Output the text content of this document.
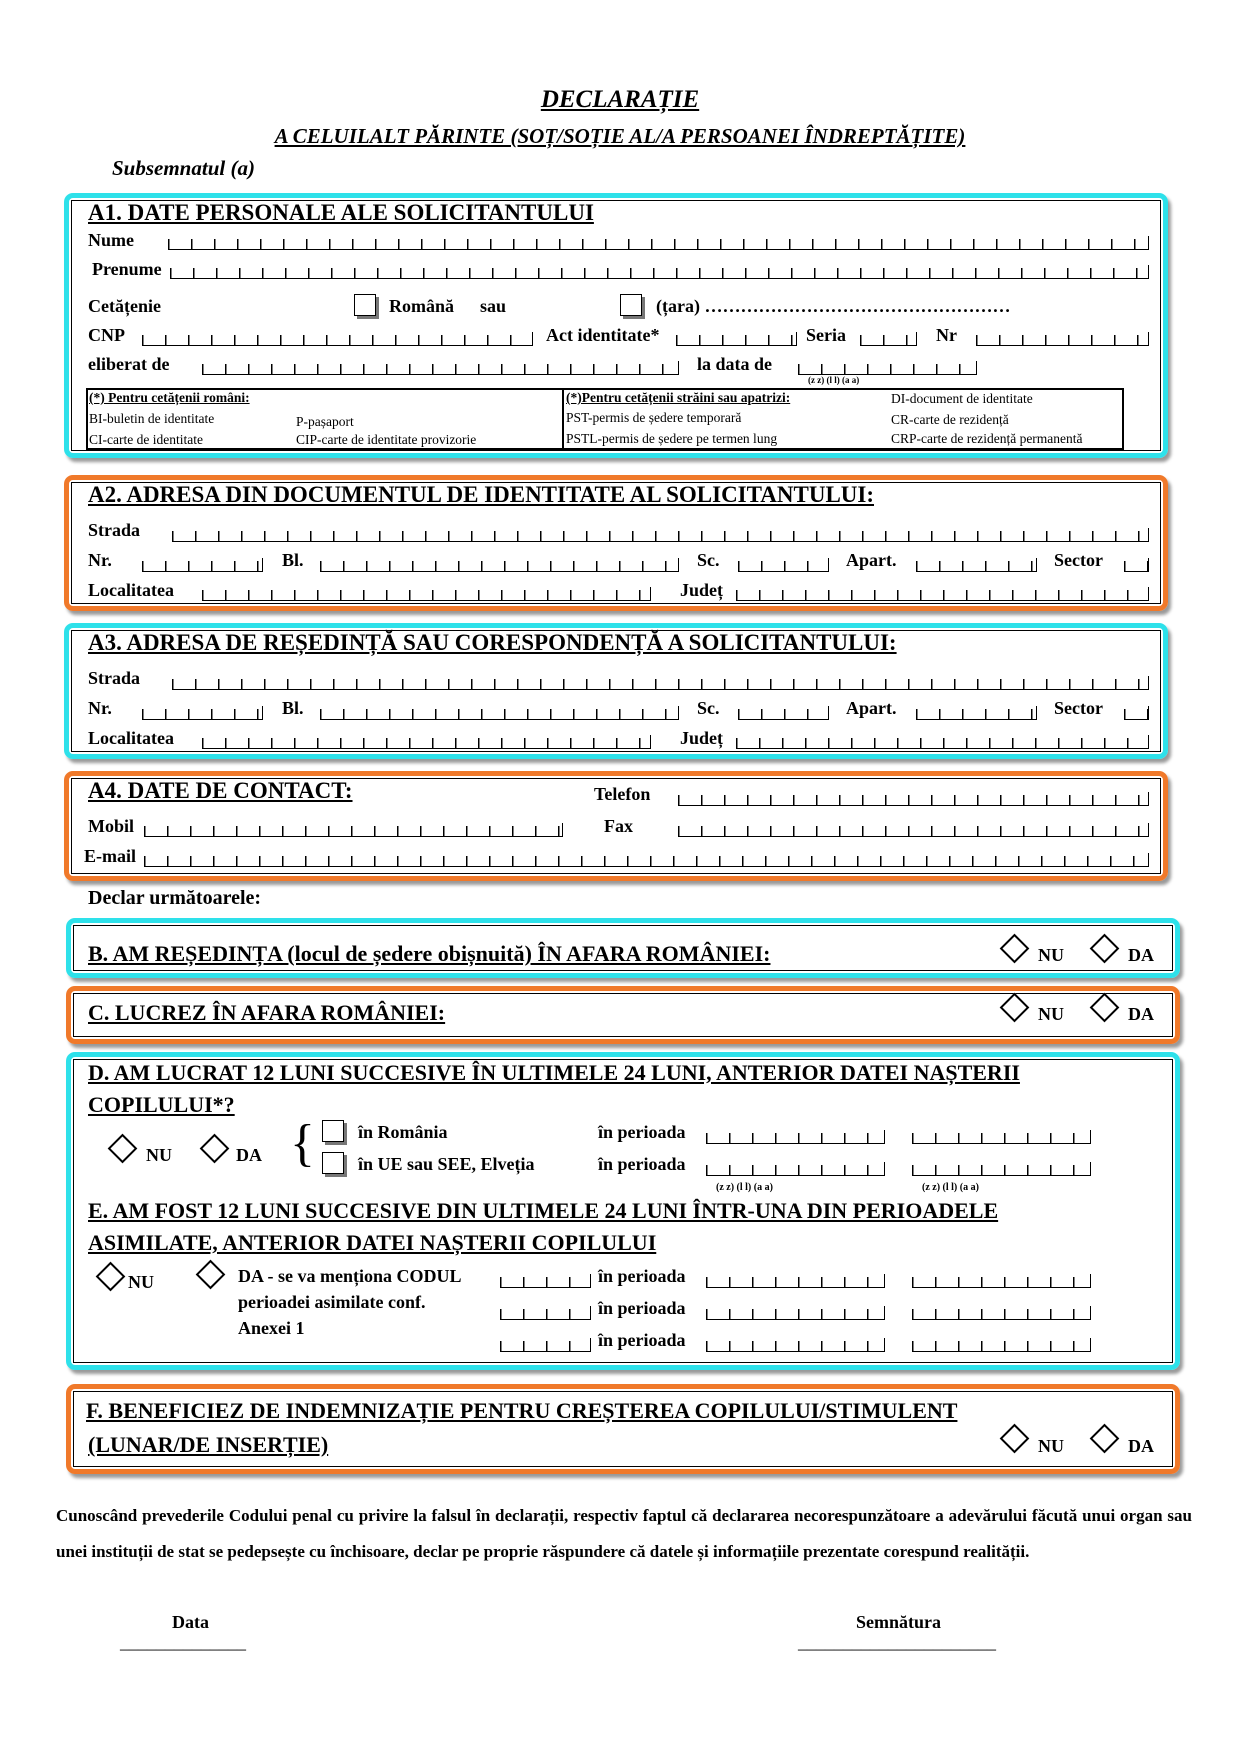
DECLARAȚIE
A CELUILALT PĂRINTE (SOȚ/SOȚIE AL/A PERSOANEI ÎNDREPTĂȚITE)
Subsemnatul (a)
A1. DATE PERSONALE ALE SOLICITANTULUI
Nume
Prenume
Cetățenie	Română sau	(țara) ……………………………………………
CNP	Act identitate*	Seria	Nr
eliberat de	la data de
(z z) (l l) (a a)
(*) Pentru cetățenii români:
BI-buletin de identitate
CI-carte de identitate
P-pașaport
CIP-carte de identitate provizorie
(*)Pentru cetățenii străini sau apatrizi:
PST-permis de ședere temporară
PSTL-permis de ședere pe termen lung
DI-document de identitate
CR-carte de rezidență
CRP-carte de rezidență permanentă
A2. ADRESA DIN DOCUMENTUL DE IDENTITATE AL SOLICITANTULUI:
Strada
Nr.	Bl.	Sc.	Apart.	Sector
Localitatea	Județ
A3. ADRESA DE REȘEDINȚĂ SAU CORESPONDENȚĂ A SOLICITANTULUI:
Strada
Nr.	Bl.	Sc.	Apart.	Sector
Localitatea	Județ
A4. DATE DE CONTACT:	Telefon
Mobil	Fax
E-mail
Declar următoarele:
B. AM REȘEDINȚA (locul de ședere obișnuită) ÎN AFARA ROMÂNIEI:	NU	DA
C. LUCREZ ÎN AFARA ROMÂNIEI:	NU	DA
D. AM LUCRAT 12 LUNI SUCCESIVE ÎN ULTIMELE 24 LUNI, ANTERIOR DATEI NAȘTERII
COPILULUI*?
NU	DA { în România
în UE sau SEE, Elveția
în perioada
în perioada
(z z) (l l) (a a)	(z z) (l l) (a a)
E. AM FOST 12 LUNI SUCCESIVE DIN ULTIMELE 24 LUNI ÎNTR-UNA DIN PERIOADELE
ASIMILATE, ANTERIOR DATEI NAȘTERII COPILULUI
NU	DA - se va menționa CODUL
perioadei asimilate conf.
Anexei 1
în perioada
în perioada
în perioada
F. BENEFICIEZ DE INDEMNIZAȚIE PENTRU CREȘTEREA COPILULUI/STIMULENT
(LUNAR/DE INSERȚIE)	NU	DA
Cunoscând prevederile Codului penal cu privire la falsul în declarații, respectiv faptul că declararea necorespunzătoare a adevărului făcută unui organ sau unei instituții de stat se pedepsește cu închisoare, declar pe proprie răspundere că datele și informațiile prezentate corespund realității.
Data
______________
Semnătura
______________________
